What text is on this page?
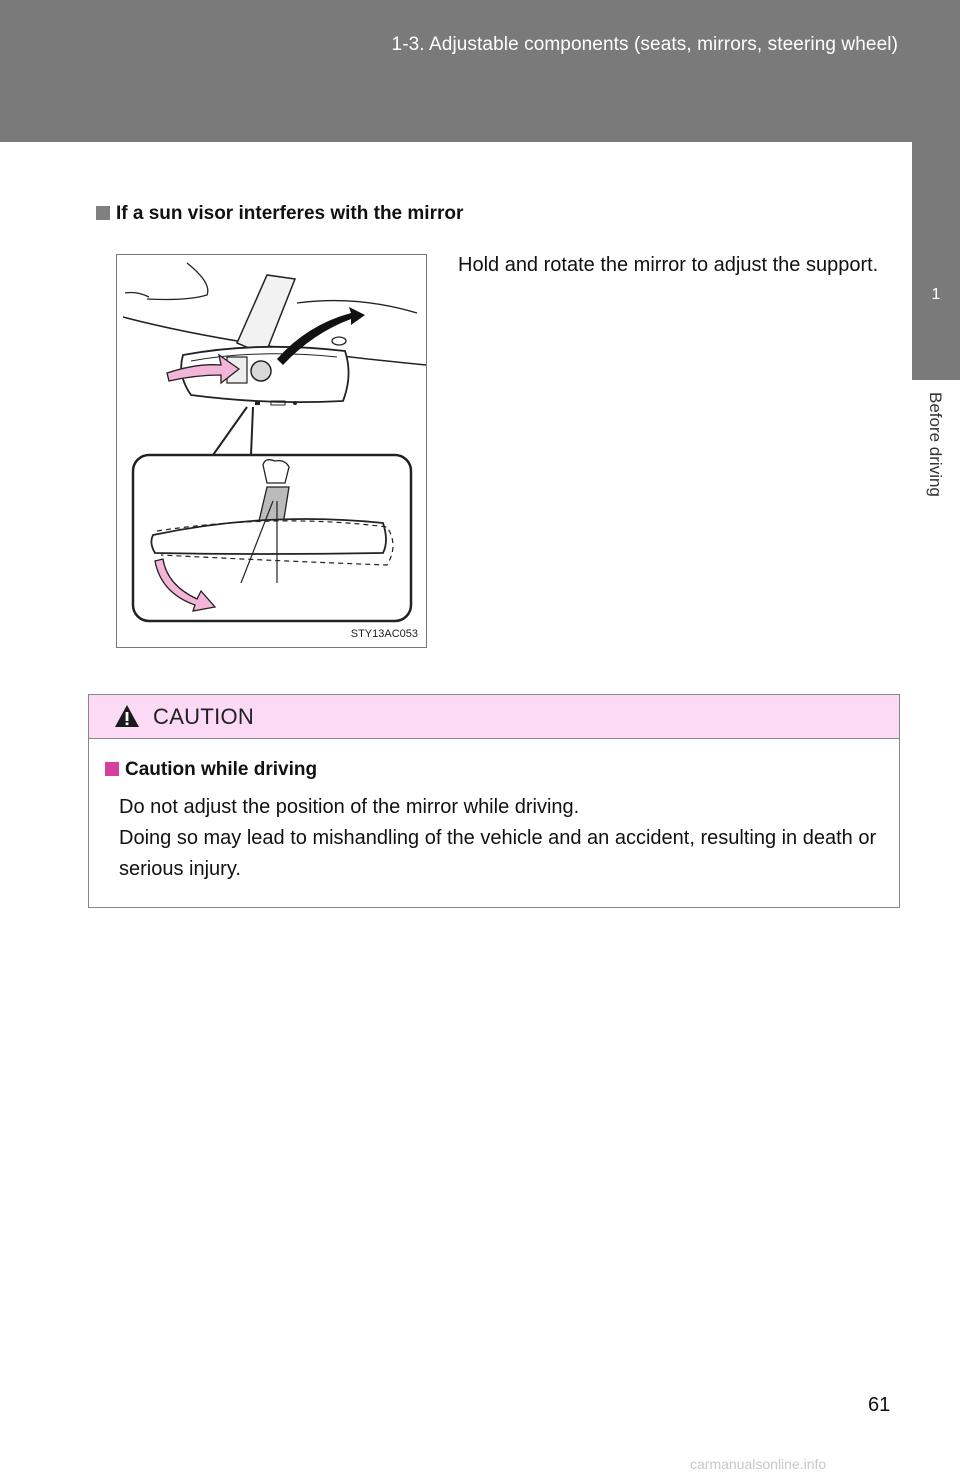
1-3. Adjustable components (seats, mirrors, steering wheel)
1
Before driving
If a sun visor interferes with the mirror
STY13AC053
Hold and rotate the mirror to adjust the support.
CAUTION
Caution while driving
Do not adjust the position of the mirror while driving.
Doing so may lead to mishandling of the vehicle and an accident, resulting in death or serious injury.
61
carmanualsonline.info
